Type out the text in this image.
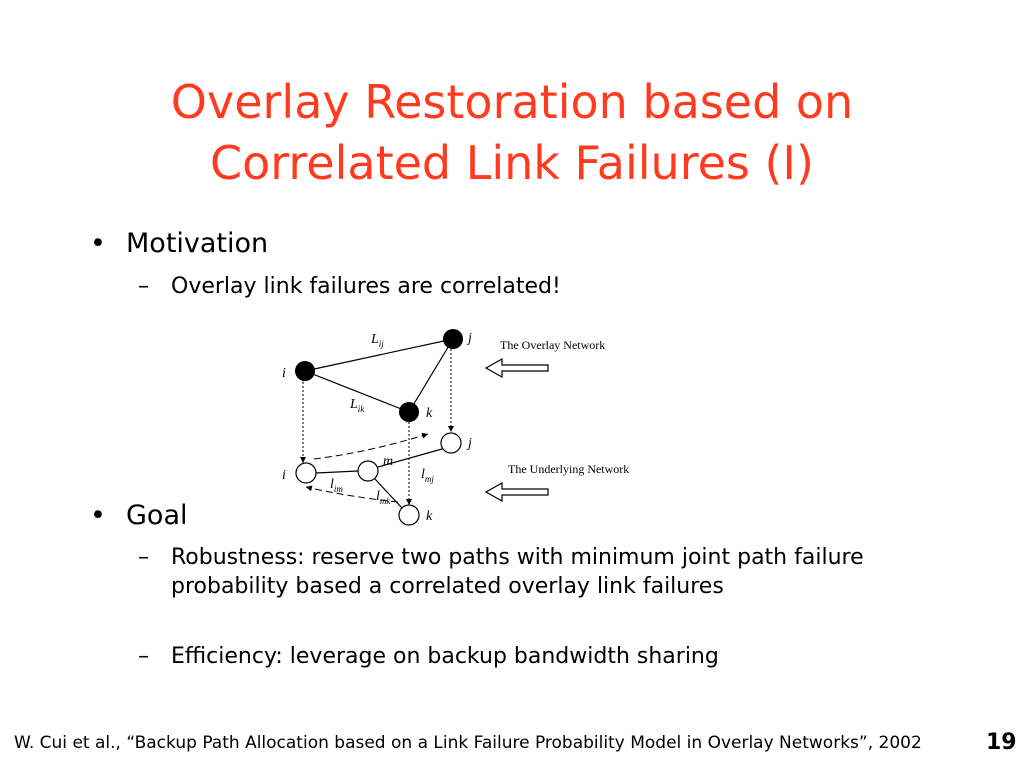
Overlay Restoration based on
Correlated Link Failures (I)
• Motivation
– Overlay link failures are correlated!
i
j
k
i
m
j
k
$L_{ij}$
$L_{ik}$
$l_{im}$ $l_{mk}$
$l_{mj}$
The Overlay Network
The Underlying Network
• Goal
– Robustness: reserve two paths with minimum joint path failure probability based a correlated overlay link failures
– Efficiency: leverage on backup bandwidth sharing
W. Cui et al., “Backup Path Allocation based on a Link Failure Probability Model in Overlay Networks”, 2002	19
